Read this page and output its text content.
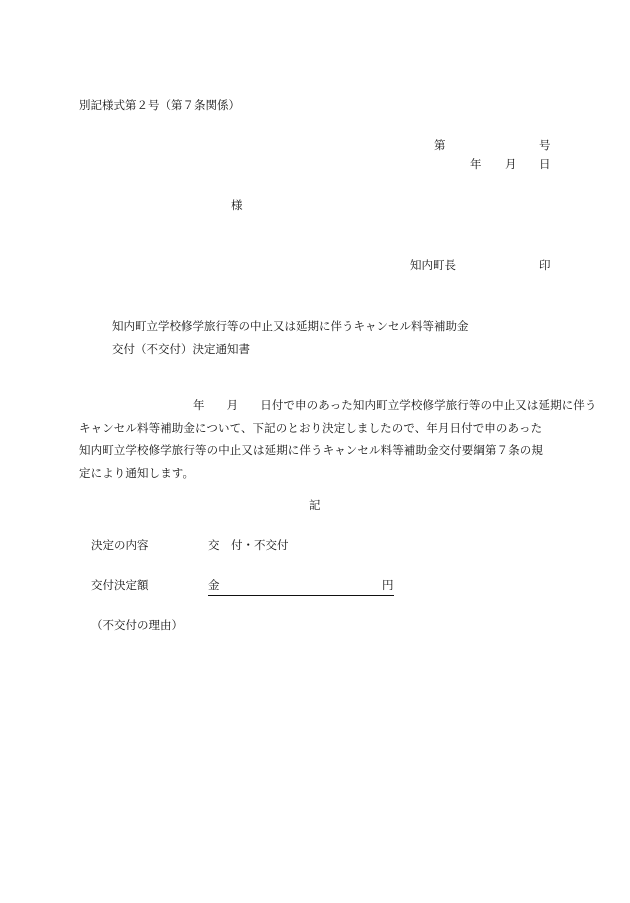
別記様式第２号（第７条関係）
第	号
年 月 日
様
知内町長	印
知内町立学校修学旅行等の中止又は延期に伴うキャンセル料等補助金
交付（不交付）決定通知書
年 月 日付で申のあった知内町立学校修学旅行等の中止又は延期に伴う
キャンセル料等補助金について、下記のとおり決定しましたので、年月日付で申のあった
知内町立学校修学旅行等の中止又は延期に伴うキャンセル料等補助金交付要綱第７条の規
定により通知します。
記
決定の内容	交　付・不交付
交付決定額	金	円
（不交付の理由）
